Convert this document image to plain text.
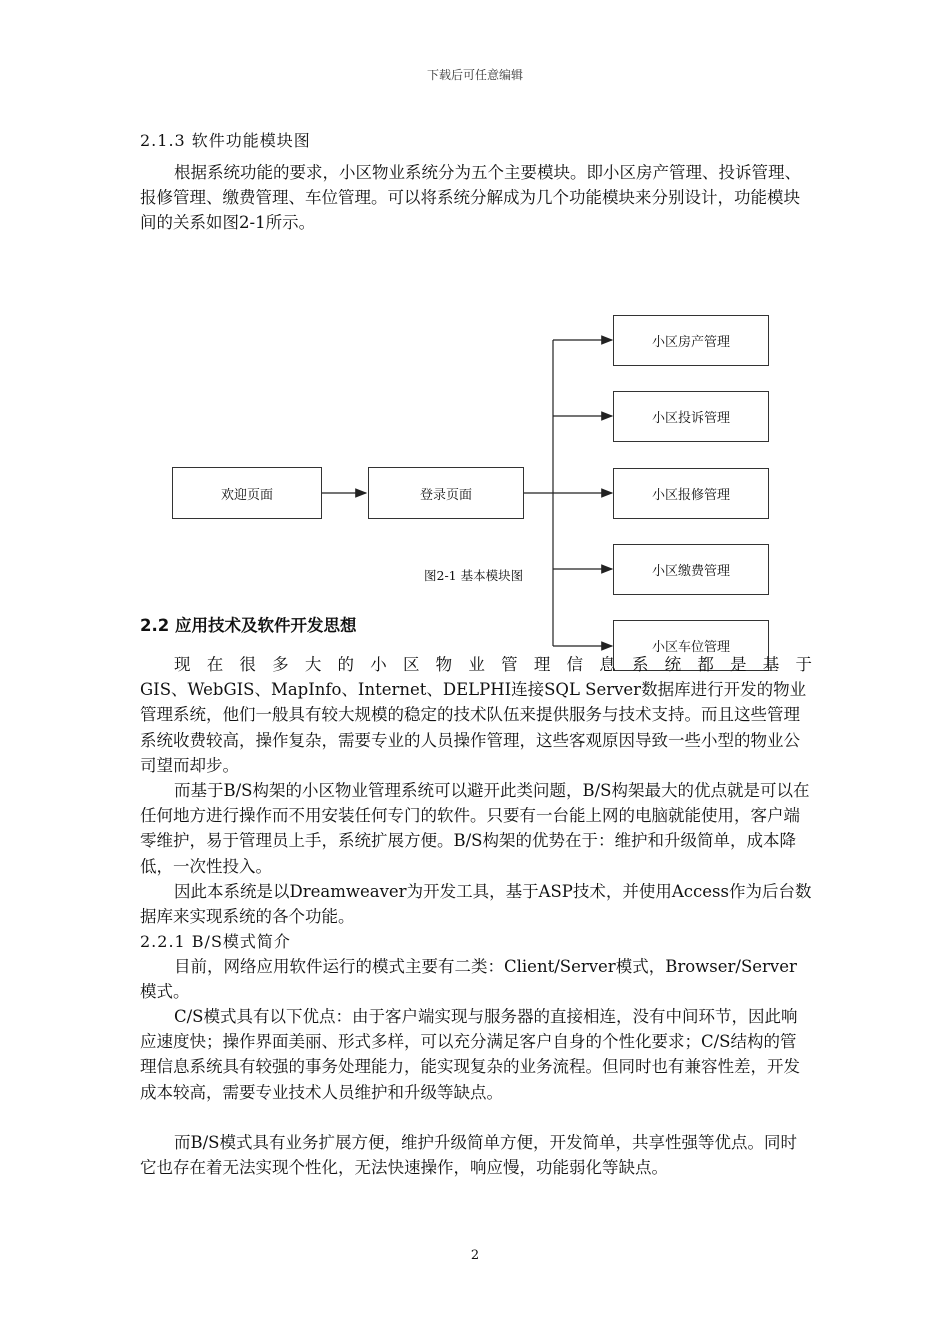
下载后可任意编辑
2.1.3 软件功能模块图

根据系统功能的要求，小区物业系统分为五个主要模块。即小区房产管理、投诉管理、报修管理、缴费管理、车位管理。可以将系统分解成为几个功能模块来分别设计，功能模块间的关系如图2-1所示。

欢迎页面	登录页面
小区房产管理
小区投诉管理
小区报修管理
小区缴费管理
小区车位管理
图2-1 基本模块图
2.2 应用技术及软件开发思想
现在很多大的小区物业管理信息系统都是基于
GIS、WebGIS、MapInfo、Internet、DELPHI连接SQL Server数据库进行开发的物业管理系统，他们一般具有较大规模的稳定的技术队伍来提供服务与技术支持。而且这些管理系统收费较高，操作复杂，需要专业的人员操作管理，这些客观原因导致一些小型的物业公司望而却步。

而基于B/S构架的小区物业管理系统可以避开此类问题，B/S构架最大的优点就是可以在任何地方进行操作而不用安装任何专门的软件。只要有一台能上网的电脑就能使用，客户端零维护，易于管理员上手，系统扩展方便。B/S构架的优势在于：维护和升级简单，成本降低，一次性投入。

因此本系统是以Dreamweaver为开发工具，基于ASP技术，并使用Access作为后台数据库来实现系统的各个功能。

2.2.1 B/S模式简介

目前，网络应用软件运行的模式主要有二类：Client/Server模式，Browser/Server模式。

C/S模式具有以下优点：由于客户端实现与服务器的直接相连，没有中间环节，因此响应速度快；操作界面美丽、形式多样，可以充分满足客户自身的个性化要求；C/S结构的管理信息系统具有较强的事务处理能力，能实现复杂的业务流程。但同时也有兼容性差，开发成本较高，需要专业技术人员维护和升级等缺点。

而B/S模式具有业务扩展方便，维护升级简单方便，开发简单，共享性强等优点。同时它也存在着无法实现个性化，无法快速操作，响应慢，功能弱化等缺点。

2
